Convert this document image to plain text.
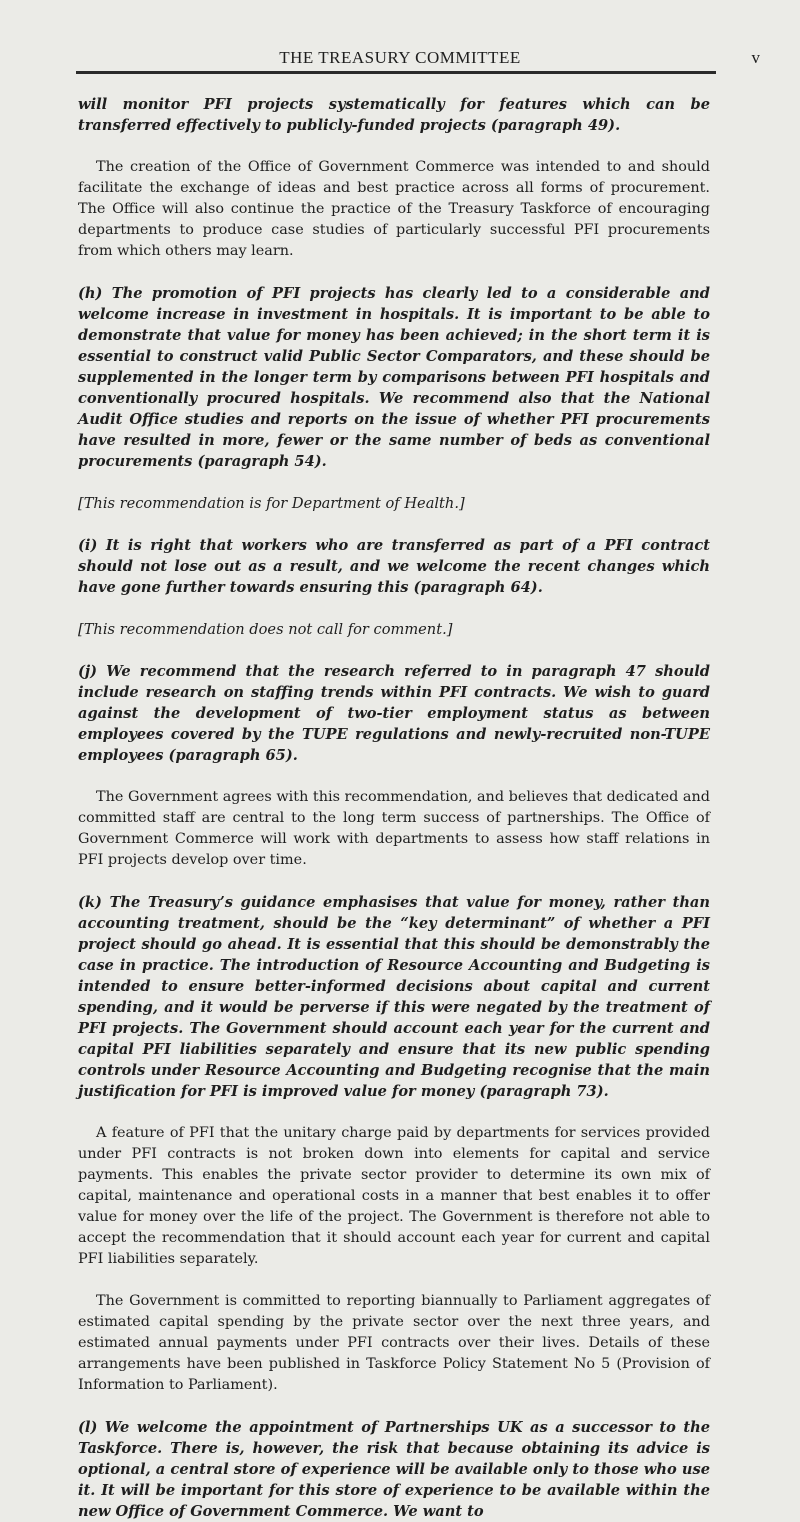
THE TREASURY COMMITTEE	v

will monitor PFI projects systematically for features which can be transferred effectively to publicly-funded projects (paragraph 49).

The creation of the Office of Government Commerce was intended to and should facilitate the exchange of ideas and best practice across all forms of procurement. The Office will also continue the practice of the Treasury Taskforce of encouraging departments to produce case studies of particularly successful PFI procurements from which others may learn.

(h) The promotion of PFI projects has clearly led to a considerable and welcome increase in investment in hospitals. It is important to be able to demonstrate that value for money has been achieved; in the short term it is essential to construct valid Public Sector Comparators, and these should be supplemented in the longer term by comparisons between PFI hospitals and conventionally procured hospitals. We recommend also that the National Audit Office studies and reports on the issue of whether PFI procurements have resulted in more, fewer or the same number of beds as conventional procurements (paragraph 54).

[This recommendation is for Department of Health.]

(i) It is right that workers who are transferred as part of a PFI contract should not lose out as a result, and we welcome the recent changes which have gone further towards ensuring this (paragraph 64).

[This recommendation does not call for comment.]

(j) We recommend that the research referred to in paragraph 47 should include research on staffing trends within PFI contracts. We wish to guard against the development of two-tier employment status as between employees covered by the TUPE regulations and newly-recruited non-TUPE employees (paragraph 65).

The Government agrees with this recommendation, and believes that dedicated and committed staff are central to the long term success of partnerships. The Office of Government Commerce will work with departments to assess how staff relations in PFI projects develop over time.

(k) The Treasury’s guidance emphasises that value for money, rather than accounting treatment, should be the “key determinant” of whether a PFI project should go ahead. It is essential that this should be demonstrably the case in practice. The introduction of Resource Accounting and Budgeting is intended to ensure better-informed decisions about capital and current spending, and it would be perverse if this were negated by the treatment of PFI projects. The Government should account each year for the current and capital PFI liabilities separately and ensure that its new public spending controls under Resource Accounting and Budgeting recognise that the main justification for PFI is improved value for money (paragraph 73).

A feature of PFI that the unitary charge paid by departments for services provided under PFI contracts is not broken down into elements for capital and service payments. This enables the private sector provider to determine its own mix of capital, maintenance and operational costs in a manner that best enables it to offer value for money over the life of the project. The Government is therefore not able to accept the recommendation that it should account each year for current and capital PFI liabilities separately.

The Government is committed to reporting biannually to Parliament aggregates of estimated capital spending by the private sector over the next three years, and estimated annual payments under PFI contracts over their lives. Details of these arrangements have been published in Taskforce Policy Statement No 5 (Provision of Information to Parliament).

(l) We welcome the appointment of Partnerships UK as a successor to the Taskforce. There is, however, the risk that because obtaining its advice is optional, a central store of experience will be available only to those who use it. It will be important for this store of experience to be available within the new Office of Government Commerce. We want to
